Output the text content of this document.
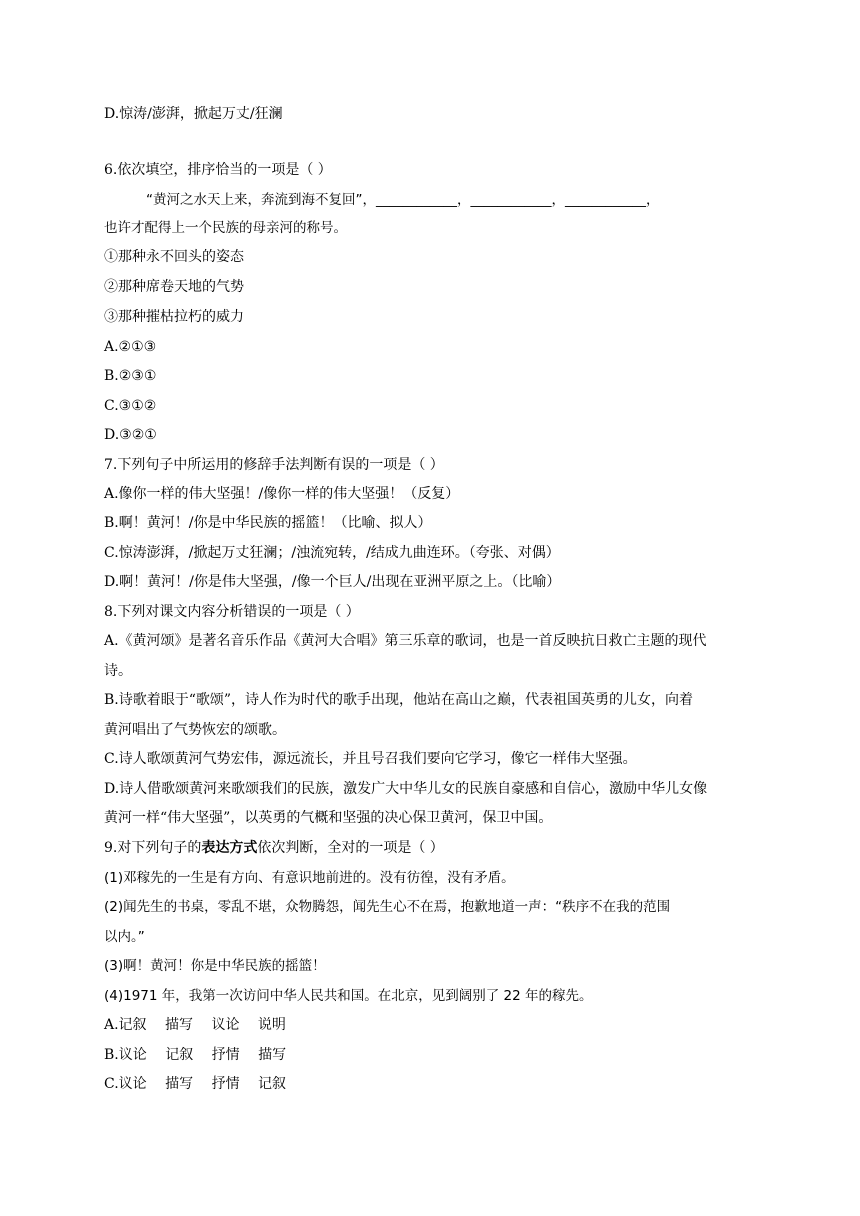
D.惊涛/澎湃，掀起万丈/狂澜
6.依次填空，排序恰当的一项是（ ）
“黄河之水天上来，奔流到海不复回”，____________，____________，____________，
也许才配得上一个民族的母亲河的称号。
①那种永不回头的姿态
②那种席卷天地的气势
③那种摧枯拉朽的威力
A.②①③
B.②③①
C.③①②
D.③②①
7.下列句子中所运用的修辞手法判断有误的一项是（ ）
A.像你一样的伟大坚强！/像你一样的伟大坚强！（反复）
B.啊！黄河！/你是中华民族的摇篮！（比喻、拟人）
C.惊涛澎湃，/掀起万丈狂澜；/浊流宛转，/结成九曲连环。（夸张、对偶）
D.啊！黄河！/你是伟大坚强，/像一个巨人/出现在亚洲平原之上。（比喻）
8.下列对课文内容分析错误的一项是（ ）
A.《黄河颂》是著名音乐作品《黄河大合唱》第三乐章的歌词，也是一首反映抗日救亡主题的现代
诗。
B.诗歌着眼于“歌颂”，诗人作为时代的歌手出现，他站在高山之巅，代表祖国英勇的儿女，向着
黄河唱出了气势恢宏的颂歌。
C.诗人歌颂黄河气势宏伟，源远流长，并且号召我们要向它学习，像它一样伟大坚强。
D.诗人借歌颂黄河来歌颂我们的民族，激发广大中华儿女的民族自豪感和自信心，激励中华儿女像
黄河一样“伟大坚强”，以英勇的气概和坚强的决心保卫黄河，保卫中国。
9.对下列句子的表达方式依次判断，全对的一项是（ ）
(1)邓稼先的一生是有方向、有意识地前进的。没有彷徨，没有矛盾。
(2)闻先生的书桌，零乱不堪，众物腾怨，闻先生心不在焉，抱歉地道一声：“秩序不在我的范围
以内。”
(3)啊！黄河！你是中华民族的摇篮！
(4)1971 年，我第一次访问中华人民共和国。在北京，见到阔别了 22 年的稼先。
A.记叙　 描写　 议论　 说明
B.议论　 记叙　 抒情　 描写
C.议论　 描写　 抒情　 记叙
